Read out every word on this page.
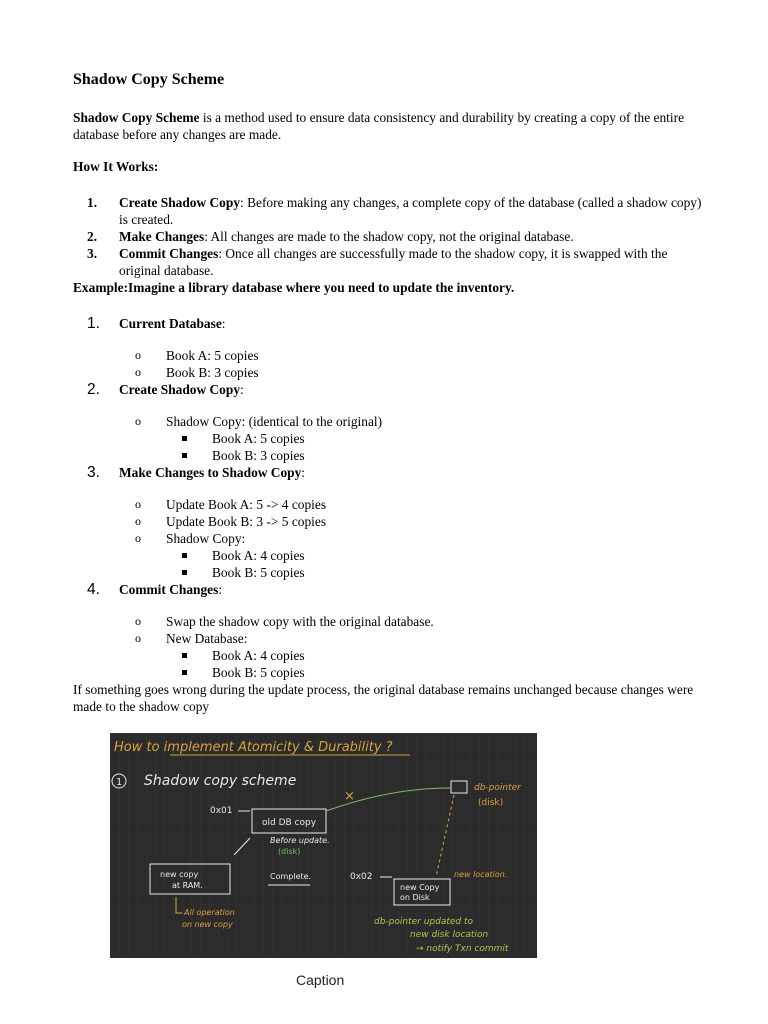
Shadow Copy Scheme

Shadow Copy Scheme is a method used to ensure data consistency and durability by creating a copy of the entire database before any changes are made.

How It Works:

1. Create Shadow Copy: Before making any changes, a complete copy of the database (called a shadow copy) is created.
2. Make Changes: All changes are made to the shadow copy, not the original database.
3. Commit Changes: Once all changes are successfully made to the shadow copy, it is swapped with the original database.

Example:Imagine a library database where you need to update the inventory.

1. Current Database:
o Book A: 5 copies
o Book B: 3 copies
2. Create Shadow Copy:
o Shadow Copy: (identical to the original)
Book A: 5 copies
Book B: 3 copies
3. Make Changes to Shadow Copy:
o Update Book A: 5 -> 4 copies
o Update Book B: 3 -> 5 copies
o Shadow Copy:
Book A: 4 copies
Book B: 5 copies
4. Commit Changes:
o Swap the shadow copy with the original database.
o New Database:
Book A: 4 copies
Book B: 5 copies

If something goes wrong during the update process, the original database remains unchanged because changes were made to the shadow copy

How to implement Atomicity & Durability ?
1 Shadow copy scheme
0x01
old DB copy
Before update.
(disk)
×
db-pointer
(disk)
new copy
at RAM.
Complete.	0x02
new Copy
on Disk
new location.
All operation
on new copy	db-pointer updated to
new disk location
→ notify Txn commit
Caption
